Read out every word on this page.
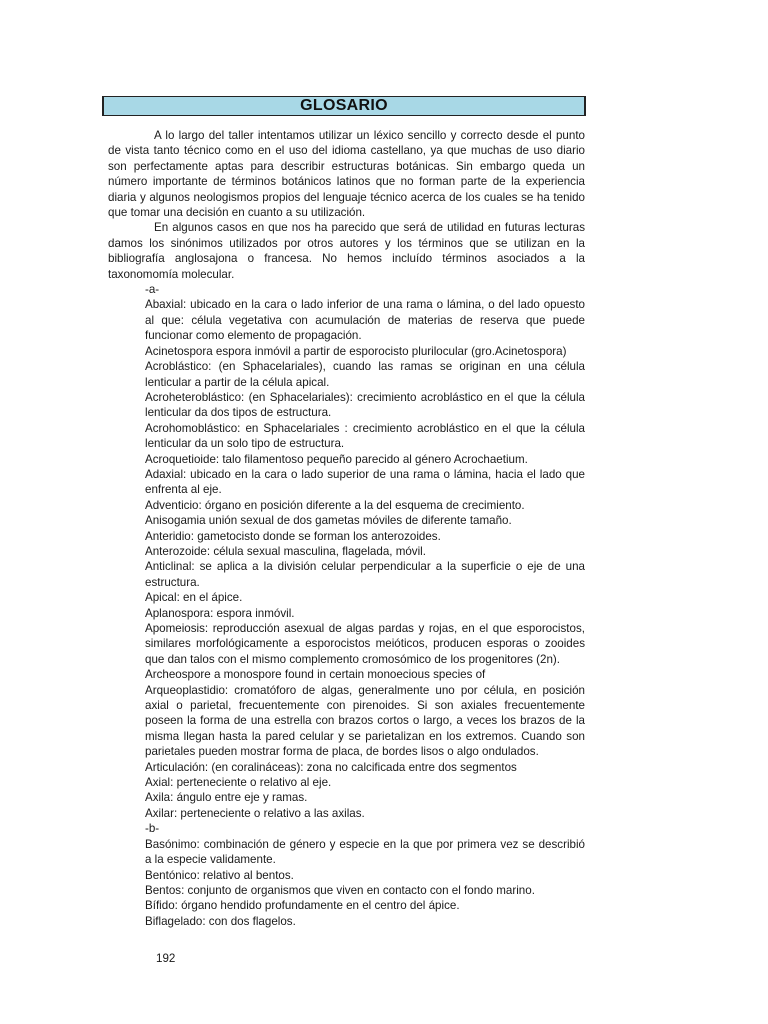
GLOSARIO

A lo largo del taller intentamos utilizar un léxico sencillo y correcto desde el punto de vista tanto técnico como en el uso del idioma castellano, ya que muchas de uso diario son perfectamente aptas para describir estructuras botánicas. Sin embargo queda un número importante de términos botánicos latinos que no forman parte de la experiencia diaria y algunos neologismos propios del lenguaje técnico acerca de los cuales se ha tenido que tomar una decisión en cuanto a su utilización.

En algunos casos en que nos ha parecido que será de utilidad en futuras lecturas damos los sinónimos utilizados por otros autores y los términos que se utilizan en la bibliografía anglosajona o francesa. No hemos incluído términos asociados a la taxonomomía molecular.

-a-

Abaxial: ubicado en la cara o lado inferior de una rama o lámina, o del lado opuesto al que: célula vegetativa con acumulación de materias de reserva que puede funcionar como elemento de propagación.

Acinetospora espora inmóvil a partir de esporocisto plurilocular (gro.Acinetospora)

Acroblástico: (en Sphacelariales), cuando las ramas se originan en una célula lenticular a partir de la célula apical.

Acroheteroblástico: (en Sphacelariales): crecimiento acroblástico en el que la célula lenticular da dos tipos de estructura.

Acrohomoblástico: en Sphacelariales : crecimiento acroblástico en el que la célula lenticular da un solo tipo de estructura.

Acroquetioide: talo filamentoso pequeño parecido al género Acrochaetium.

Adaxial: ubicado en la cara o lado superior de una rama o lámina, hacia el lado que enfrenta al eje.

Adventicio: órgano en posición diferente a la del esquema de crecimiento.

Anisogamia unión sexual de dos gametas móviles de diferente tamaño.

Anteridio: gametocisto donde se forman los anterozoides.

Anterozoide: célula sexual masculina, flagelada, móvil.

Anticlinal: se aplica a la división celular perpendicular a la superficie o eje de una estructura.

Apical: en el ápice.

Aplanospora: espora inmóvil.

Apomeiosis: reproducción asexual de algas pardas y rojas, en el que esporocistos, similares morfológicamente a esporocistos meióticos, producen esporas o zooides que dan talos con el mismo complemento cromosómico de los progenitores (2n).

Archeospore a monospore found in certain monoecious species of

Arqueoplastidio: cromatóforo de algas, generalmente uno por célula, en posición axial o parietal, frecuentemente con pirenoides. Si son axiales frecuentemente poseen la forma de una estrella con brazos cortos o largo, a veces los brazos de la misma llegan hasta la pared celular y se parietalizan en los extremos. Cuando son parietales pueden mostrar forma de placa, de bordes lisos o algo ondulados.

Articulación: (en coralináceas): zona no calcificada entre dos segmentos

Axial: perteneciente o relativo al eje.

Axila: ángulo entre eje y ramas.

Axilar: perteneciente o relativo a las axilas.

-b-

Basónimo: combinación de género y especie en la que por primera vez se describió a la especie validamente.

Bentónico: relativo al bentos.

Bentos: conjunto de organismos que viven en contacto con el fondo marino.

Bífido: órgano hendido profundamente en el centro del ápice.

Biflagelado: con dos flagelos.

192
